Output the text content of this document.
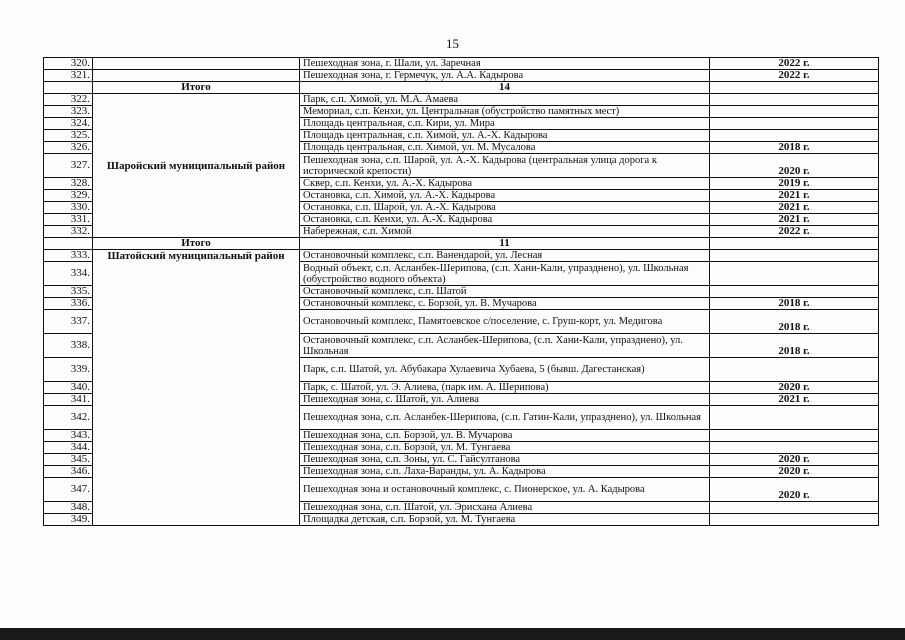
15
320.		Пешеходная зона, г. Шали, ул. Заречная	2022 г.
321.		Пешеходная зона, г. Гермечук, ул. А.А. Кадырова	2022 г.
	Итого	14	
322.	Шаройский муниципальный район	Парк, с.п. Химой, ул. М.А. Амаева	
323.		Мемориал, с.п. Кенхи, ул. Центральная (обустройство памятных мест)	
324.		Площадь центральная, с.п. Кири, ул. Мира	
325.		Площадь центральная, с.п. Химой, ул. А.-Х. Кадырова	
326.		Площадь центральная, с.п. Химой, ул. М. Мусалова	2018 г.
327.		Пешеходная зона, с.п. Шарой, ул. А.-Х. Кадырова (центральная улица дорога к исторической крепости)	2020 г.
328.		Сквер, с.п. Кенхи, ул. А.-Х. Кадырова	2019 г.
329.		Остановка, с.п. Химой, ул. А.-Х. Кадырова	2021 г.
330.		Остановка, с.п. Шарой, ул. А.-Х. Кадырова	2021 г.
331.		Остановка, с.п. Кенхи, ул. А.-Х. Кадырова	2021 г.
332.		Набережная, с.п. Химой	2022 г.
	Итого	11	
333.	Шатойский муниципальный район	Остановочный комплекс, с.п. Ванендарой, ул. Лесная	
334.		Водный объект, с.п. Асланбек-Шерипова, (с.п. Хани-Кали, упразднено), ул. Школьная (обустройство водного объекта)	
335.		Остановочный комплекс, с.п. Шатой	
336.		Остановочный комплекс, с. Борзой, ул. В. Мучарова	2018 г.
337.		Остановочный комплекс, Памятоевское с/поселение, с. Груш-корт, ул. Медигова	2018 г.
338.		Остановочный комплекс, с.п. Асланбек-Шерипова, (с.п. Хани-Кали, упразднено), ул. Школьная	2018 г.
339.		Парк, с.п. Шатой, ул. Абубакара Хулаевича Хубаева, 5 (бывш. Дагестанская)	
340.		Парк, с. Шатой, ул. Э. Алиева, (парк им. А. Шерипова)	2020 г.
341.		Пешеходная зона, с. Шатой, ул. Алиева	2021 г.
342.		Пешеходная зона, с.п. Асланбек-Шерипова, (с.п. Гатин-Кали, упразднено), ул. Школьная	
343.		Пешеходная зона, с.п. Борзой, ул. В. Мучарова	
344.		Пешеходная зона, с.п. Борзой, ул. М. Тунгаева	
345.		Пешеходная зона, с.п. Зоны, ул. С. Гайсултанова	2020 г.
346.		Пешеходная зона, с.п. Лаха-Варанды, ул. А. Кадырова	2020 г.
347.		Пешеходная зона и остановочный комплекс, с. Пионерское, ул. А. Кадырова	2020 г.
348.		Пешеходная зона, с.п. Шатой, ул. Эрисхана Алиева	
349.		Площадка детская, с.п. Борзой, ул. М. Тунгаева	
